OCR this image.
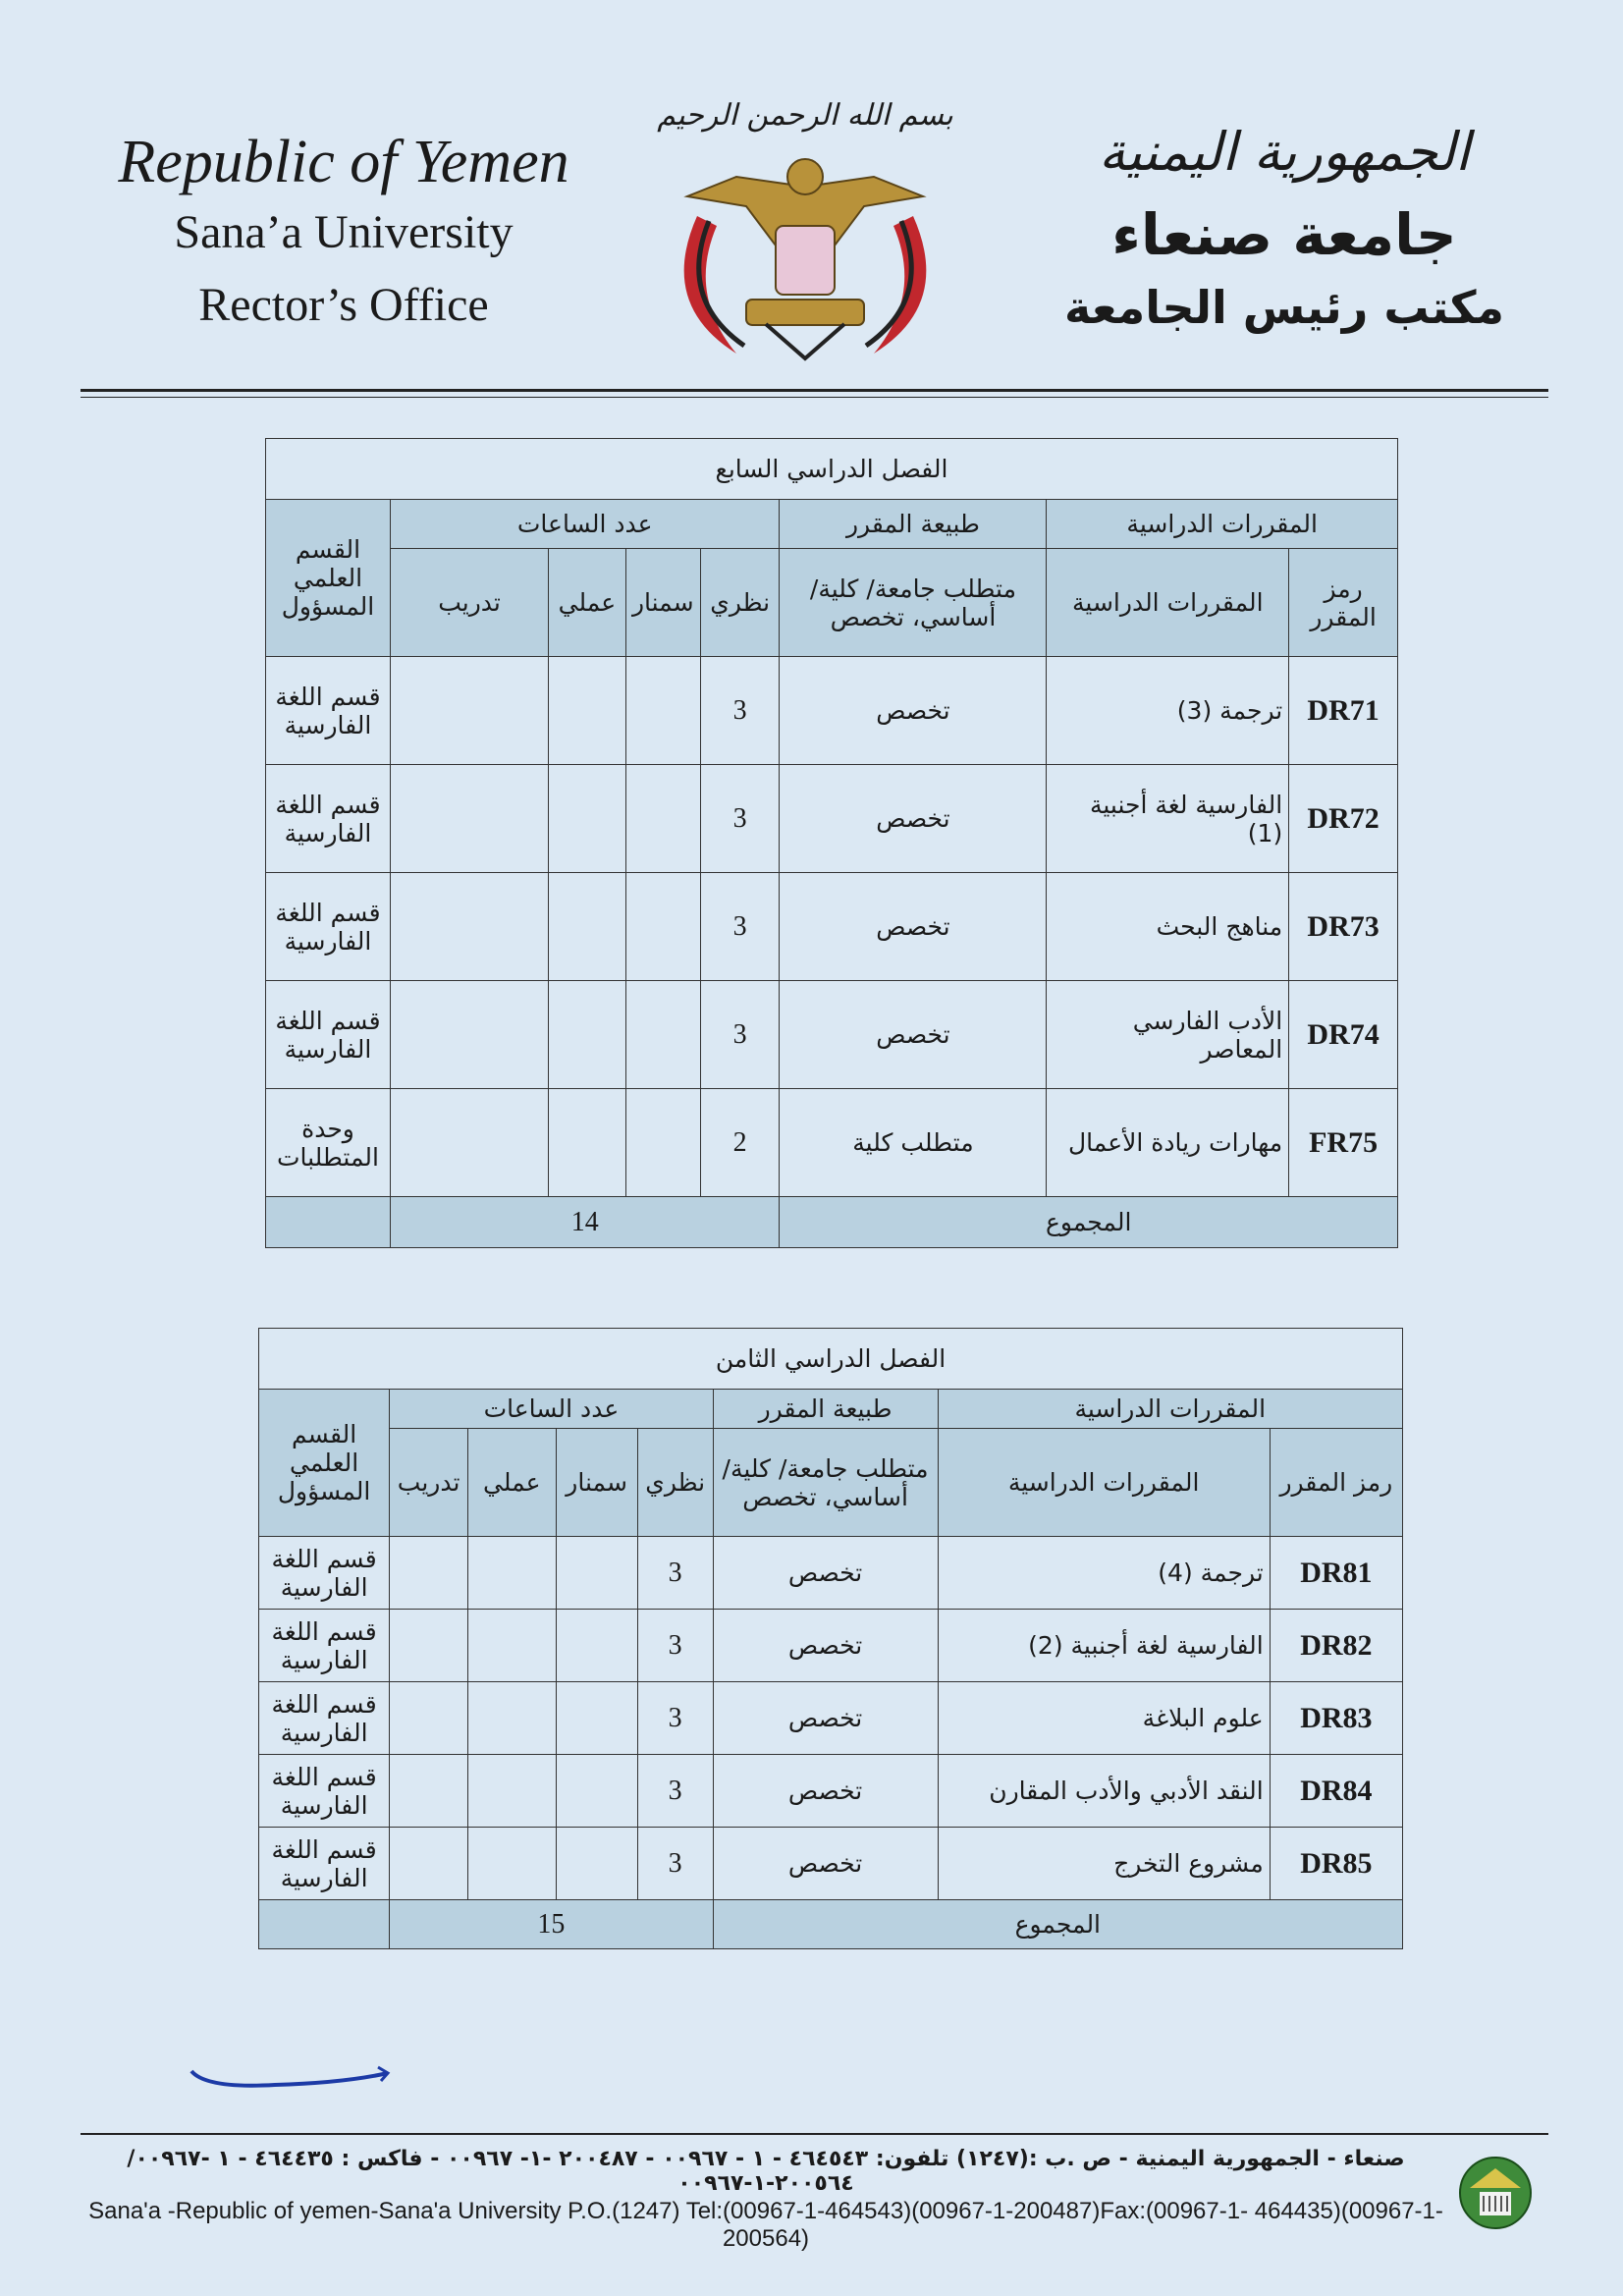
Republic of Yemen
Sana’a University
Rector’s Office
بسم الله الرحمن الرحيم
الجمهورية اليمنية
جامعة صنعاء
مكتب رئيس الجامعة
الفصل الدراسي السابع							
المقررات الدراسية		طبيعة المقرر	عدد الساعات				القسم العلمي المسؤول
رمز المقرر	المقررات الدراسية	متطلب جامعة/ كلية/ أساسي، تخصص	نظري	سمنار	عملي	تدريب	
DR71	ترجمة (3)	تخصص	3				قسم اللغة الفارسية
DR72	الفارسية لغة أجنبية (1)	تخصص	3				قسم اللغة الفارسية
DR73	مناهج البحث	تخصص	3				قسم اللغة الفارسية
DR74	الأدب الفارسي المعاصر	تخصص	3				قسم اللغة الفارسية
FR75	مهارات ريادة الأعمال	متطلب كلية	2				وحدة المتطلبات
المجموع			14				
الفصل الدراسي الثامن							
المقررات الدراسية		طبيعة المقرر	عدد الساعات				القسم العلمي المسؤول
رمز المقرر	المقررات الدراسية	متطلب جامعة/ كلية/ أساسي، تخصص	نظري	سمنار	عملي	تدريب	
DR81	ترجمة (4)	تخصص	3				قسم اللغة الفارسية
DR82	الفارسية لغة أجنبية (2)	تخصص	3				قسم اللغة الفارسية
DR83	علوم البلاغة	تخصص	3				قسم اللغة الفارسية
DR84	النقد الأدبي والأدب المقارن	تخصص	3				قسم اللغة الفارسية
DR85	مشروع التخرج	تخصص	3				قسم اللغة الفارسية
المجموع			15				
صنعاء - الجمهورية اليمنية - ص .ب :(١٢٤٧) تلفون: ٤٦٤٥٤٣ - ١ - ٠٠٩٦٧ - ٢٠٠٤٨٧ -١- ٠٠٩٦٧ - فاكس : ٤٦٤٤٣٥ - ١ -٠٠٩٦٧/ ٢٠٠٥٦٤-١-٠٠٩٦٧
Sana'a -Republic of yemen-Sana'a University P.O.(1247) Tel:(00967-1-464543)(00967-1-200487)Fax:(00967-1- 464435)(00967-1-200564)
